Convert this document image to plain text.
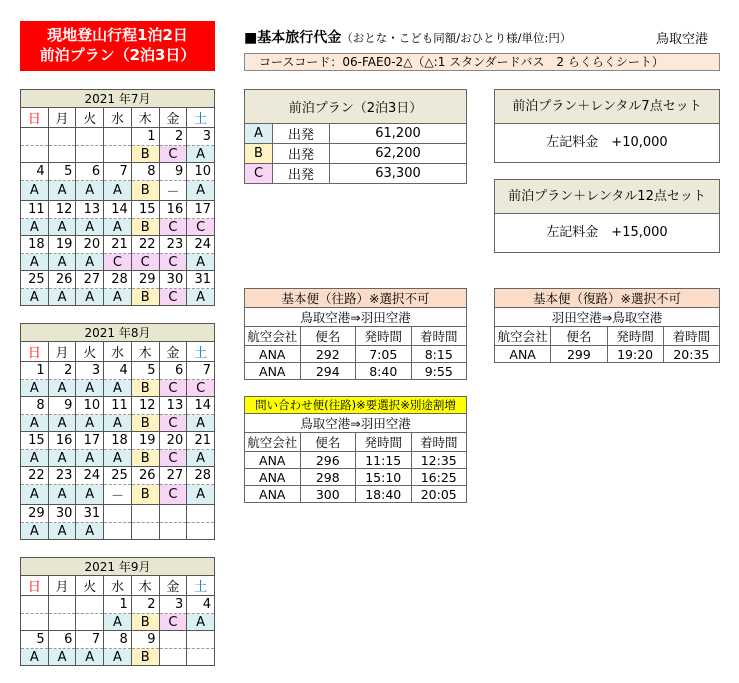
現地登山行程1泊2日
前泊プラン（2泊3日）
■基本旅行代金（おとな・こども同額/おひとり様/単位:円）	鳥取空港
コースコード：06-FAE0-2△（△:1 スタンダードバス　2 らくらくシート）
2021 年7月						
日	月	火	水	木	金	土
				1	2	3
				B	C	A
4	5	6	7	8	9	10
A	A	A	A	B	－	A
11	12	13	14	15	16	17
A	A	A	A	B	C	C
18	19	20	21	22	23	24
A	A	A	C	C	C	A
25	26	27	28	29	30	31
A	A	A	A	B	C	A
2021 年8月						
日	月	火	水	木	金	土
1	2	3	4	5	6	7
A	A	A	A	B	C	C
8	9	10	11	12	13	14
A	A	A	A	B	C	A
15	16	17	18	19	20	21
A	A	A	A	B	C	A
22	23	24	25	26	27	28
A	A	A	－	B	C	A
29	30	31				
A	A	A				
2021 年9月						
日	月	火	水	木	金	土
			1	2	3	4
			A	B	C	A
5	6	7	8	9		
A	A	A	A	B		
前泊プラン（2泊3日）		
A	出発	61,200
B	出発	62,200
C	出発	63,300
前泊プラン＋レンタル7点セット
左記料金　+10,000
前泊プラン＋レンタル12点セット
左記料金　+15,000
基本便（往路）※選択不可			
鳥取空港⇒羽田空港			
航空会社	便名	発時間	着時間
ANA	292	7:05	8:15
ANA	294	8:40	9:55
基本便（復路）※選択不可			
羽田空港⇒鳥取空港			
航空会社	便名	発時間	着時間
ANA	299	19:20	20:35
問い合わせ便(往路)※要選択※別途割増			
鳥取空港⇒羽田空港			
航空会社	便名	発時間	着時間
ANA	296	11:15	12:35
ANA	298	15:10	16:25
ANA	300	18:40	20:05
